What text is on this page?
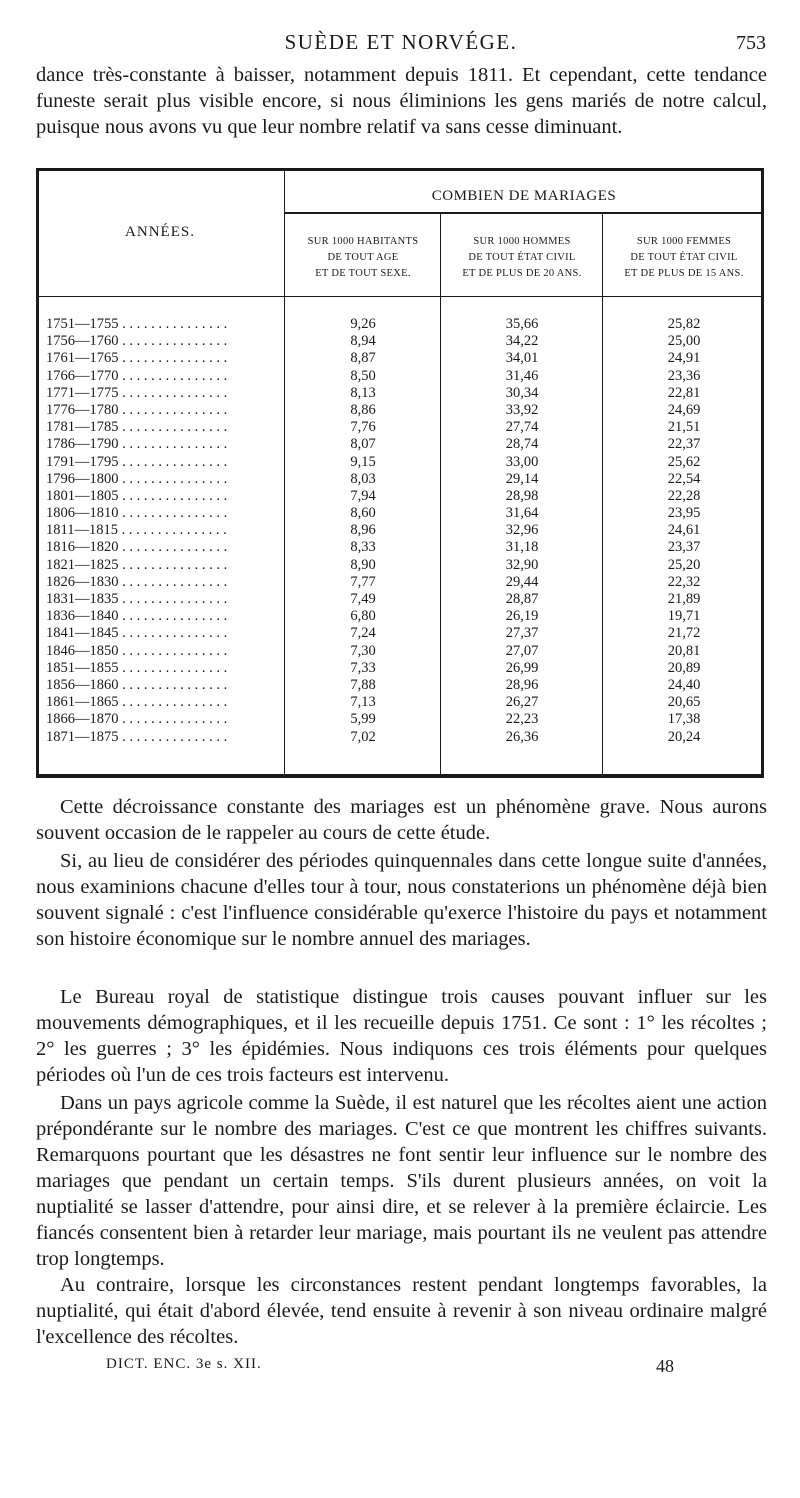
SUÈDE ET NORVÉGE.	753
dance très-constante à baisser, notamment depuis 1811. Et cependant, cette tendance funeste serait plus visible encore, si nous éliminions les gens mariés de notre calcul, puisque nous avons vu que leur nombre relatif va sans cesse diminuant.
ANNÉES.
COMBIEN DE MARIAGES
SUR 1000 HABITANTS
DE TOUT AGE
ET DE TOUT SEXE.
SUR 1000 HOMMES
DE TOUT ÉTAT CIVIL
ET DE PLUS DE 20 ANS.
SUR 1000 FEMMES
DE TOUT ÉTAT CIVIL
ET DE PLUS DE 15 ANS.
1751—1755 . . . . . . . . . . . . . . .	9,26	35,66	25,82
1756—1760 . . . . . . . . . . . . . . .	8,94	34,22	25,00
1761—1765 . . . . . . . . . . . . . . .	8,87	34,01	24,91
1766—1770 . . . . . . . . . . . . . . .	8,50	31,46	23,36
1771—1775 . . . . . . . . . . . . . . .	8,13	30,34	22,81
1776—1780 . . . . . . . . . . . . . . .	8,86	33,92	24,69
1781—1785 . . . . . . . . . . . . . . .	7,76	27,74	21,51
1786—1790 . . . . . . . . . . . . . . .	8,07	28,74	22,37
1791—1795 . . . . . . . . . . . . . . .	9,15	33,00	25,62
1796—1800 . . . . . . . . . . . . . . .	8,03	29,14	22,54
1801—1805 . . . . . . . . . . . . . . .	7,94	28,98	22,28
1806—1810 . . . . . . . . . . . . . . .	8,60	31,64	23,95
1811—1815 . . . . . . . . . . . . . . .	8,96	32,96	24,61
1816—1820 . . . . . . . . . . . . . . .	8,33	31,18	23,37
1821—1825 . . . . . . . . . . . . . . .	8,90	32,90	25,20
1826—1830 . . . . . . . . . . . . . . .	7,77	29,44	22,32
1831—1835 . . . . . . . . . . . . . . .	7,49	28,87	21,89
1836—1840 . . . . . . . . . . . . . . .	6,80	26,19	19,71
1841—1845 . . . . . . . . . . . . . . .	7,24	27,37	21,72
1846—1850 . . . . . . . . . . . . . . .	7,30	27,07	20,81
1851—1855 . . . . . . . . . . . . . . .	7,33	26,99	20,89
1856—1860 . . . . . . . . . . . . . . .	7,88	28,96	24,40
1861—1865 . . . . . . . . . . . . . . .	7,13	26,27	20,65
1866—1870 . . . . . . . . . . . . . . .	5,99	22,23	17,38
1871—1875 . . . . . . . . . . . . . . .	7,02	26,36	20,24
Cette décroissance constante des mariages est un phénomène grave. Nous aurons souvent occasion de le rappeler au cours de cette étude.
Si, au lieu de considérer des périodes quinquennales dans cette longue suite d'années, nous examinions chacune d'elles tour à tour, nous constaterions un phénomène déjà bien souvent signalé : c'est l'influence considérable qu'exerce l'histoire du pays et notamment son histoire économique sur le nombre annuel des mariages.
Le Bureau royal de statistique distingue trois causes pouvant influer sur les mouvements démographiques, et il les recueille depuis 1751. Ce sont : 1° les récoltes ; 2° les guerres ; 3° les épidémies. Nous indiquons ces trois éléments pour quelques périodes où l'un de ces trois facteurs est intervenu.
Dans un pays agricole comme la Suède, il est naturel que les récoltes aient une action prépondérante sur le nombre des mariages. C'est ce que montrent les chiffres suivants. Remarquons pourtant que les désastres ne font sentir leur influence sur le nombre des mariages que pendant un certain temps. S'ils durent plusieurs années, on voit la nuptialité se lasser d'attendre, pour ainsi dire, et se relever à la première éclaircie. Les fiancés consentent bien à retarder leur mariage, mais pourtant ils ne veulent pas attendre trop longtemps.
Au contraire, lorsque les circonstances restent pendant longtemps favorables, la nuptialité, qui était d'abord élevée, tend ensuite à revenir à son niveau ordinaire malgré l'excellence des récoltes.
DICT. ENC. 3e s. XII.	48
